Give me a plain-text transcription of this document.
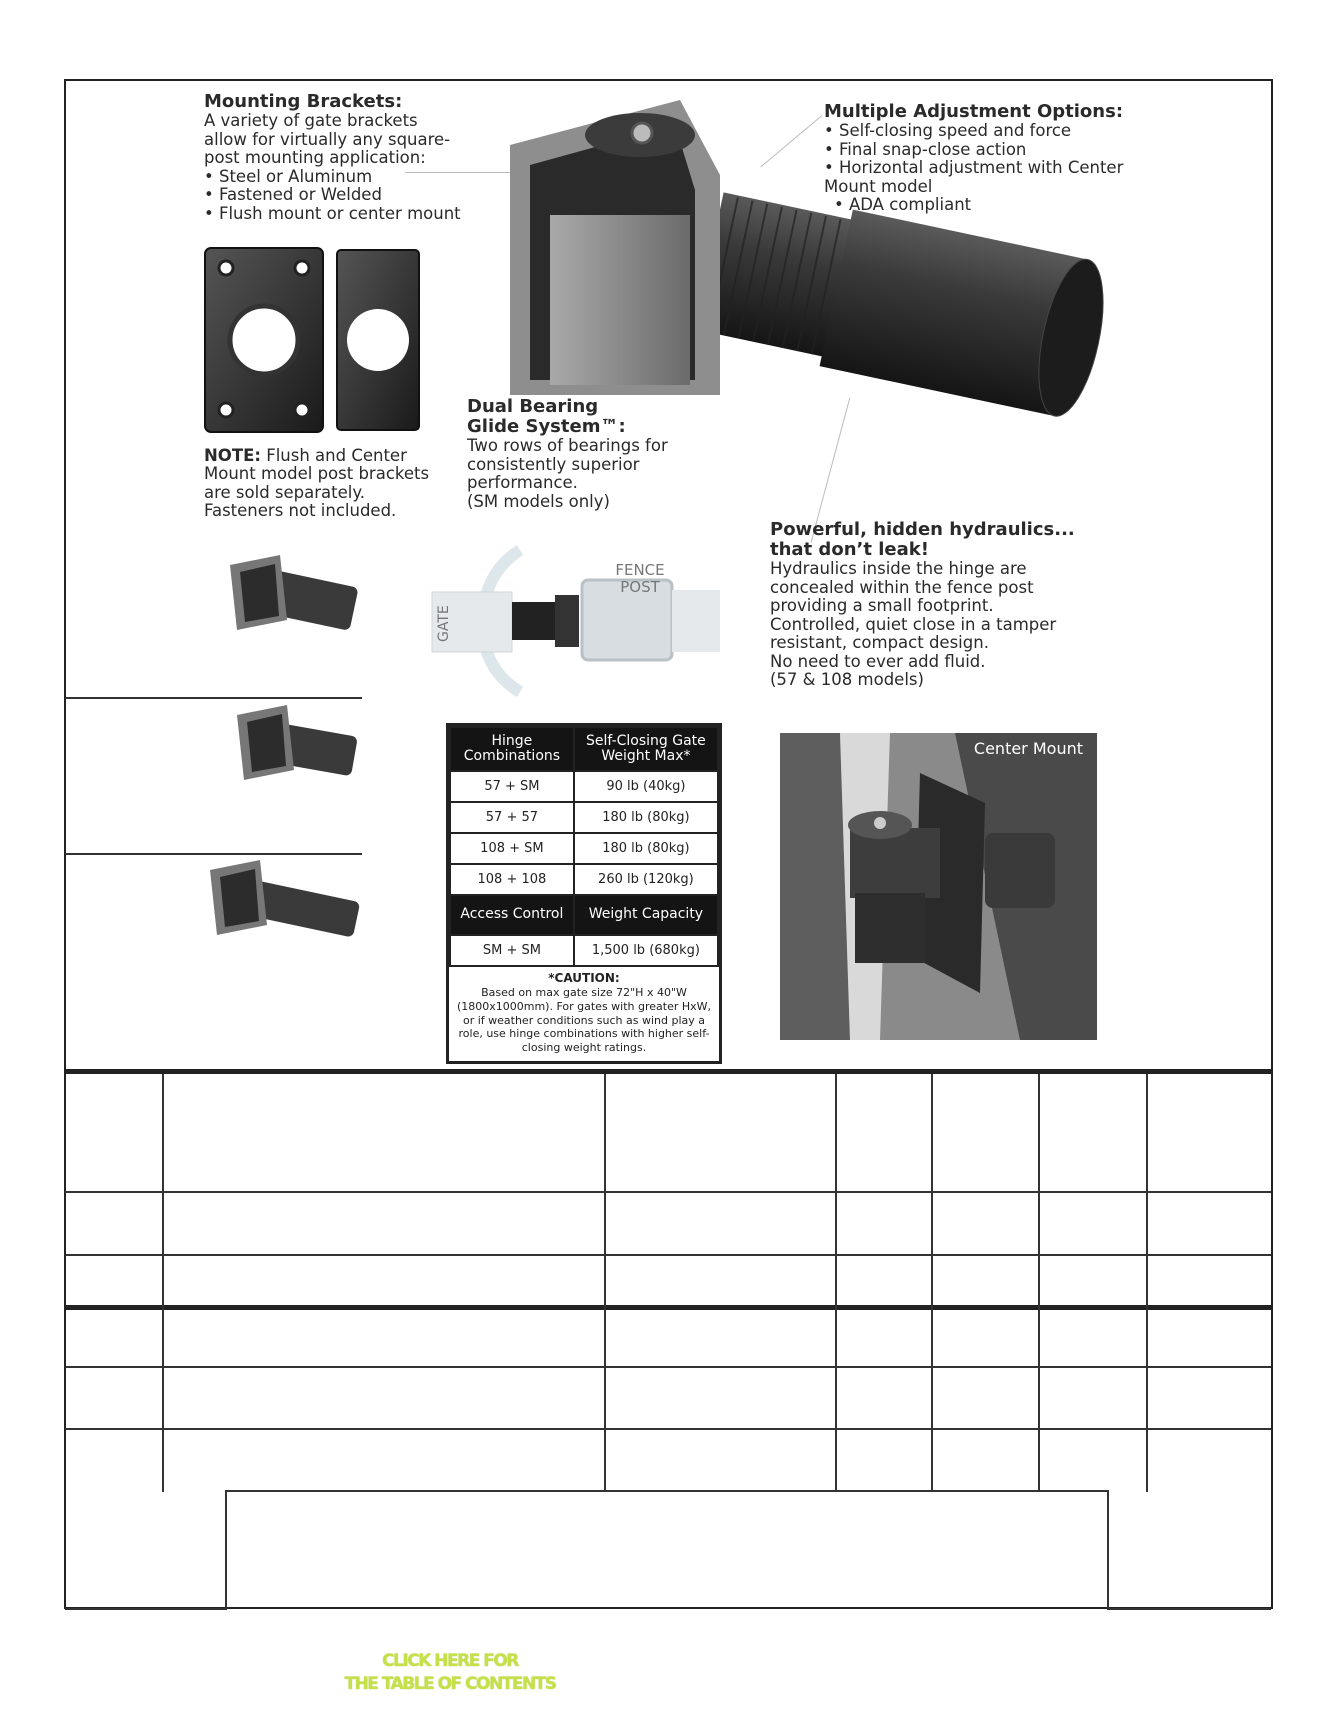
Mounting Brackets:

A variety of gate brackets allow for virtually any square-post mounting application:

• Steel or Aluminum
• Fastened or Welded
• Flush mount or center mount

NOTE: Flush and Center Mount model post brackets are sold separately. Fasteners not included.

Multiple Adjustment Options:
• Self-closing speed and force
• Final snap-close action
• Horizontal adjustment with Center Mount model
• ADA compliant
Dual Bearing
Glide System™:

Two rows of bearings for consistently superior performance.

(SM models only)

Powerful, hidden hydraulics...
that don’t leak!

Hydraulics inside the hinge are

concealed within the fence post

providing a small footprint.

Controlled, quiet close in a tamper

resistant, compact design.

No need to ever add fluid.

(57 & 108 models)

GATE
FENCE
POST
Hinge Combinations	Self-Closing Gate Weight Max*
57 + SM	90 lb (40kg)
57 + 57	180 lb (80kg)
108 + SM	180 lb (80kg)
108 + 108	260 lb (120kg)
Access Control	Weight Capacity
SM + SM	1,500 lb (680kg)
*CAUTION:
Based on max gate size 72"H x 40"W (1800x1000mm). For gates with greater HxW, or if weather conditions such as wind play a role, use hinge combinations with higher self-closing weight ratings.
Center Mount
CLICK HERE FOR
THE TABLE OF CONTENTS
